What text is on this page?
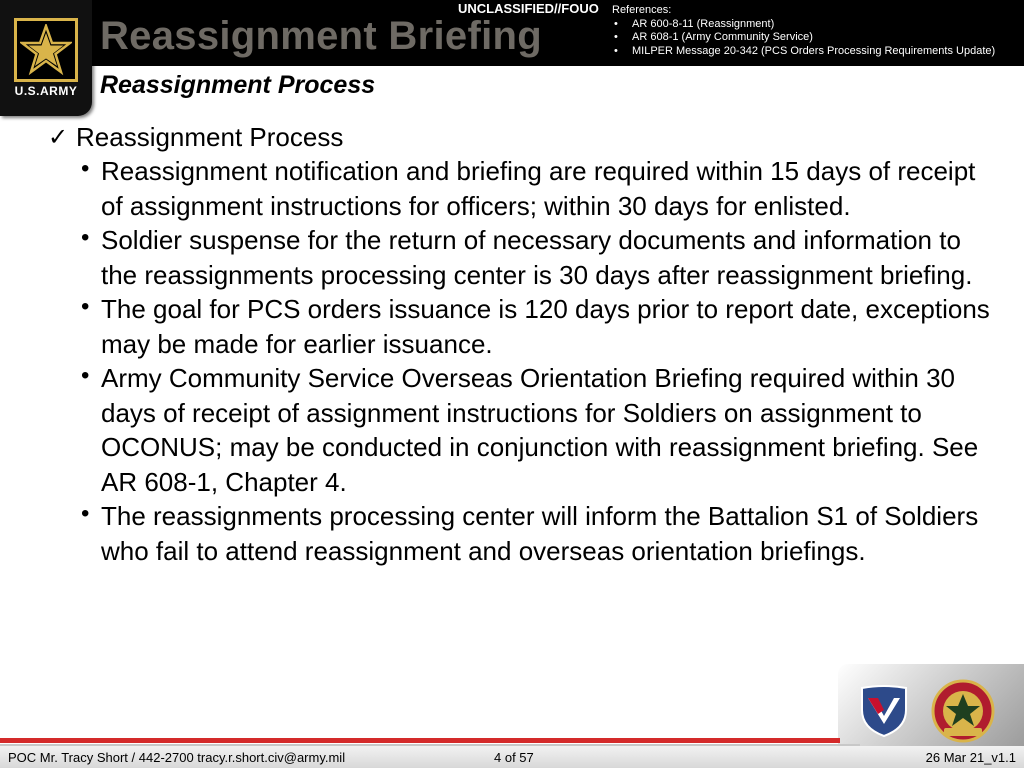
U.S.ARMY
Reassignment Briefing
UNCLASSIFIED//FOUO References:
• AR 600-8-11 (Reassignment)
• AR 608-1 (Army Community Service)
• MILPER Message 20-342 (PCS Orders Processing Requirements Update)
Reassignment Process
✓ Reassignment Process
• Reassignment notification and briefing are required within 15 days of receipt of assignment instructions for officers; within 30 days for enlisted.
• Soldier suspense for the return of necessary documents and information to the reassignments processing center is 30 days after reassignment briefing.
• The goal for PCS orders issuance is 120 days prior to report date, exceptions may be made for earlier issuance.
• Army Community Service Overseas Orientation Briefing required within 30 days of receipt of assignment instructions for Soldiers on assignment to OCONUS; may be conducted in conjunction with reassignment briefing. See AR 608-1, Chapter 4.
• The reassignments processing center will inform the Battalion S1 of Soldiers who fail to attend reassignment and overseas orientation briefings.
POC Mr. Tracy Short / 442-2700 tracy.r.short.civ@army.mil	4 of 57	26 Mar 21_v1.1
